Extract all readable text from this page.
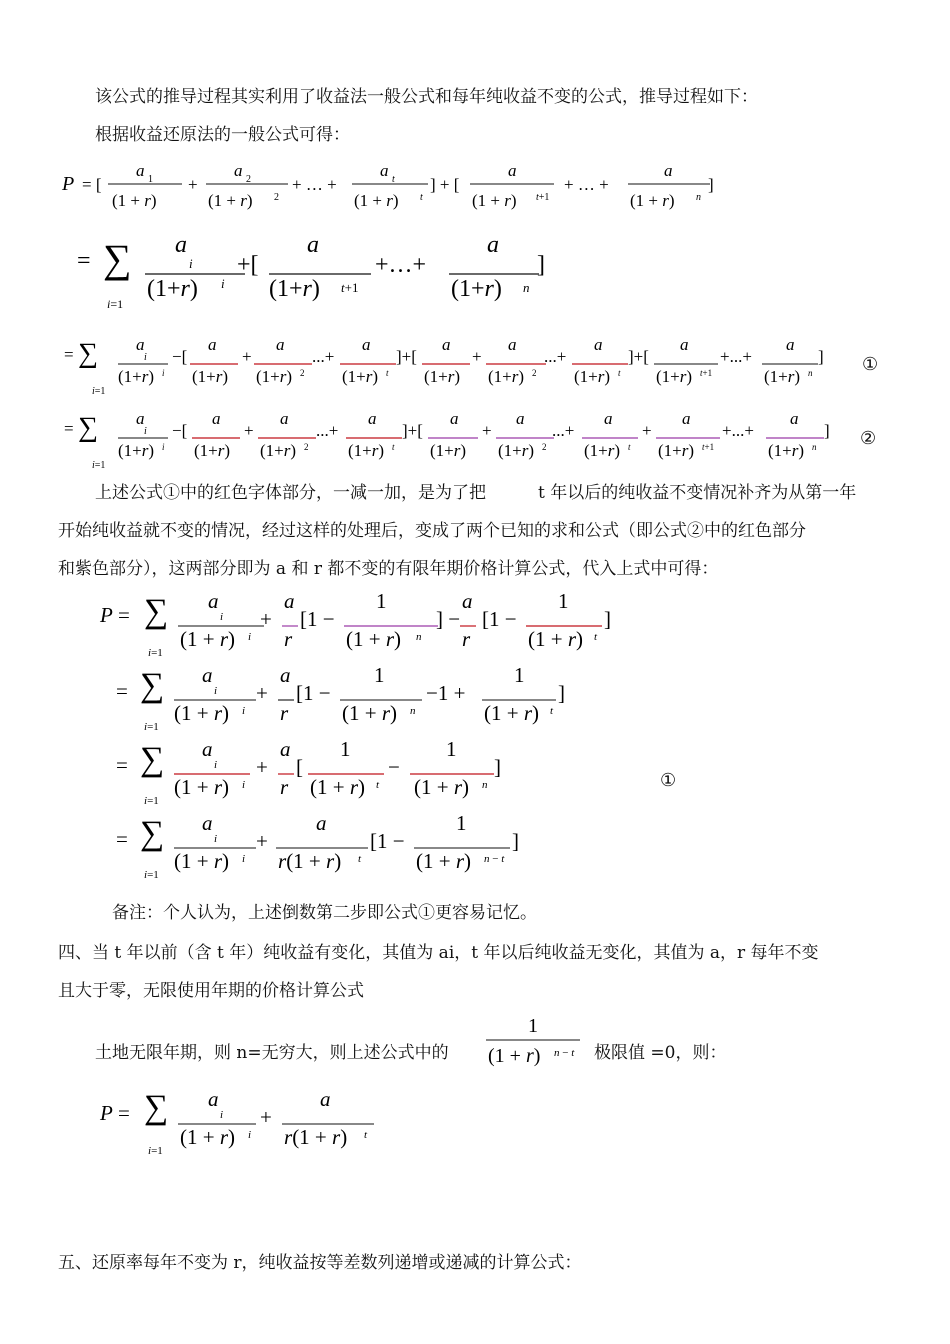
该公式的推导过程其实利用了收益法一般公式和每年纯收益不变的公式，推导过程如下：
根据收益还原法的一般公式可得：
P = [
a 1
(1 + r)
+
a 2
(1 + r) 2
+ … +
a t
(1 + r) t
] + [
a
(1 + r) t+1
+ … +
a
(1 + r) n
]
= ∑
i=1
a
i
(1+r) i
+[
a
(1+r) t+1
+…+
a
(1+r) n
]
= ∑
i=1
a
i
(1+r) i
−[
a
(1+r)
+
a
(1+r) 2
...+
a
(1+r) t
]+[
a
(1+r)
+
a
(1+r) 2
...+
a
(1+r) t
]+[
a
(1+r) t+1
+...+
a
(1+r) n
] ①
= ∑
i=1
a
i
(1+r) i
−[
a
(1+r)
+
a
(1+r) 2
...+
a
(1+r) t
]+[
a
(1+r)
+
a
(1+r) 2
...+
a
(1+r) t
+
a
(1+r) t+1
+...+
a
(1+r) n
] ②
上述公式①中的红色字体部分，一减一加，是为了把	t 年以后的纯收益不变情况补齐为从第一年
开始纯收益就不变的情况，经过这样的处理后，变成了两个已知的求和公式（即公式②中的红色部分
和紫色部分），这两部分即为 a 和 r 都不变的有限年期价格计算公式，代入上式中可得：
P = ∑
i=1
a
i
(1 + r) i
+
a
r
[1 −
1
(1 + r) n
] −
a
r
[1 −
1
(1 + r) t
]
= ∑
i=1
a
i
(1 + r) i
+
a
r
[1 −
1
(1 + r) n
−1 +
1
(1 + r) t
]
= ∑
i=1
a
i
(1 + r) i
+
a
r
[
1
(1 + r) t
−
1
(1 + r) n
]
①
= ∑
i=1
a
i
(1 + r) i
+
a
r(1 + r) t
[1 −
1
(1 + r) n − t
]
备注：个人认为，上述倒数第二步即公式①更容易记忆。
四、当 t 年以前（含 t 年）纯收益有变化，其值为 ai，t 年以后纯收益无变化，其值为 a，r 每年不变
且大于零，无限使用年期的价格计算公式
土地无限年期，则 n=无穷大，则上述公式中的
1
(1 + r) n − t 极限值 =0，则：
P = ∑
i=1
a
i
(1 + r) i
+
a
r(1 + r) t
五、还原率每年不变为 r，纯收益按等差数列递增或递减的计算公式：
